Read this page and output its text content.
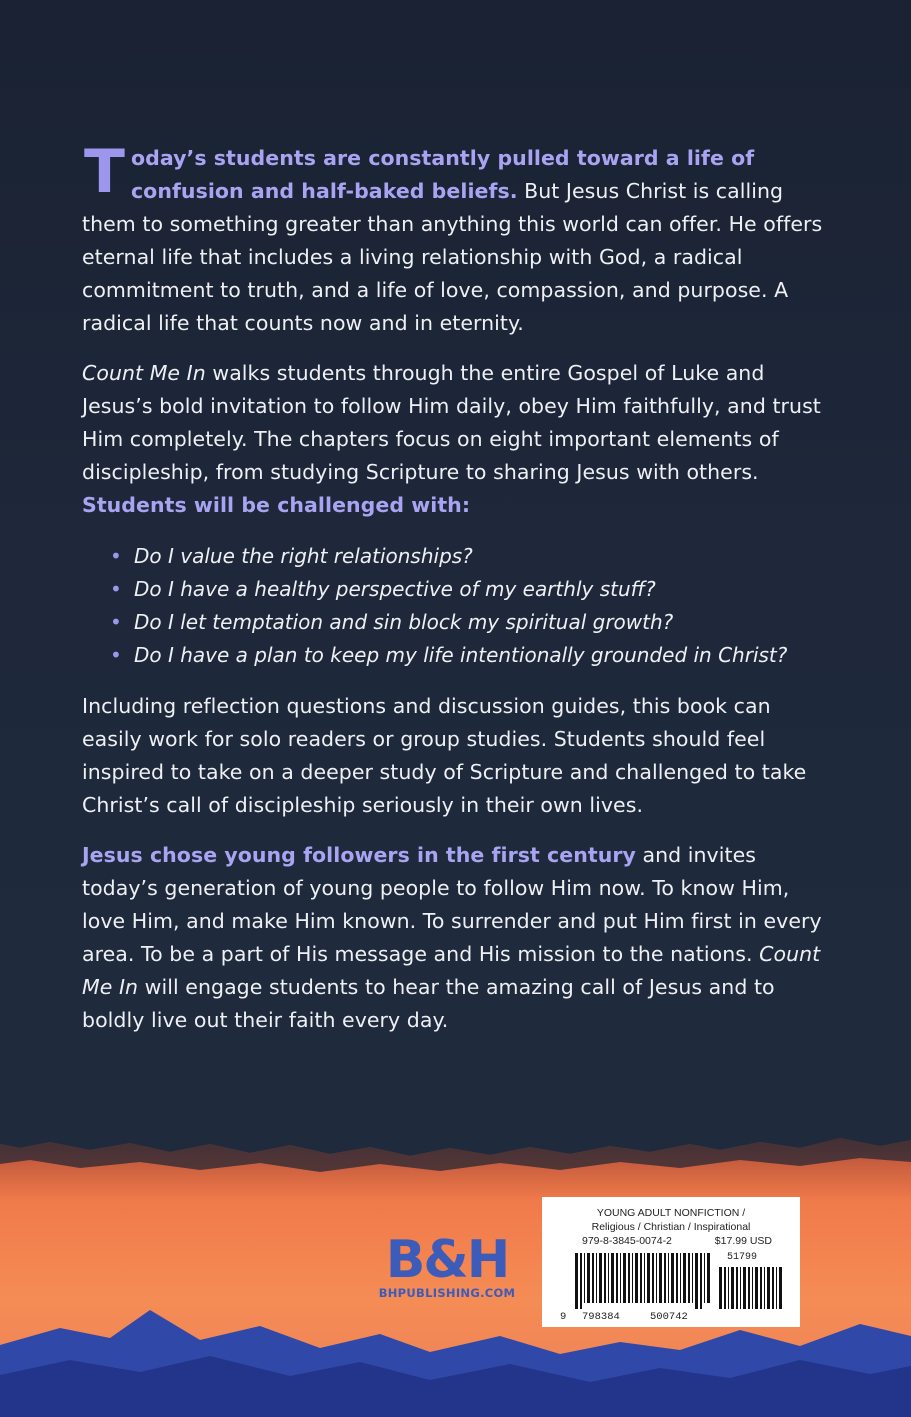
Today’s students are constantly pulled toward a life of confusion and half-baked beliefs. But Jesus Christ is calling them to something greater than anything this world can offer. He offers eternal life that includes a living relationship with God, a radical commitment to truth, and a life of love, compassion, and purpose. A radical life that counts now and in eternity.

Count Me In walks students through the entire Gospel of Luke and Jesus’s bold invitation to follow Him daily, obey Him faithfully, and trust Him completely. The chapters focus on eight important elements of discipleship, from studying Scripture to sharing Jesus with others.

Students will be challenged with:

• Do I value the right relationships?
• Do I have a healthy perspective of my earthly stuff?
• Do I let temptation and sin block my spiritual growth?
• Do I have a plan to keep my life intentionally grounded in Christ?

Including reflection questions and discussion guides, this book can easily work for solo readers or group studies. Students should feel inspired to take on a deeper study of Scripture and challenged to take Christ’s call of discipleship seriously in their own lives.

Jesus chose young followers in the first century and invites today’s generation of young people to follow Him now. To know Him, love Him, and make Him known. To surrender and put Him first in every area. To be a part of His message and His mission to the nations. Count Me In will engage students to hear the amazing call of Jesus and to boldly live out their faith every day.

B&H
BHPUBLISHING.COM
YOUNG ADULT NONFICTION /
Religious / Christian / Inspirational
979-8-3845-0074-2	$17.99 USD
51799
9 798384	500742
